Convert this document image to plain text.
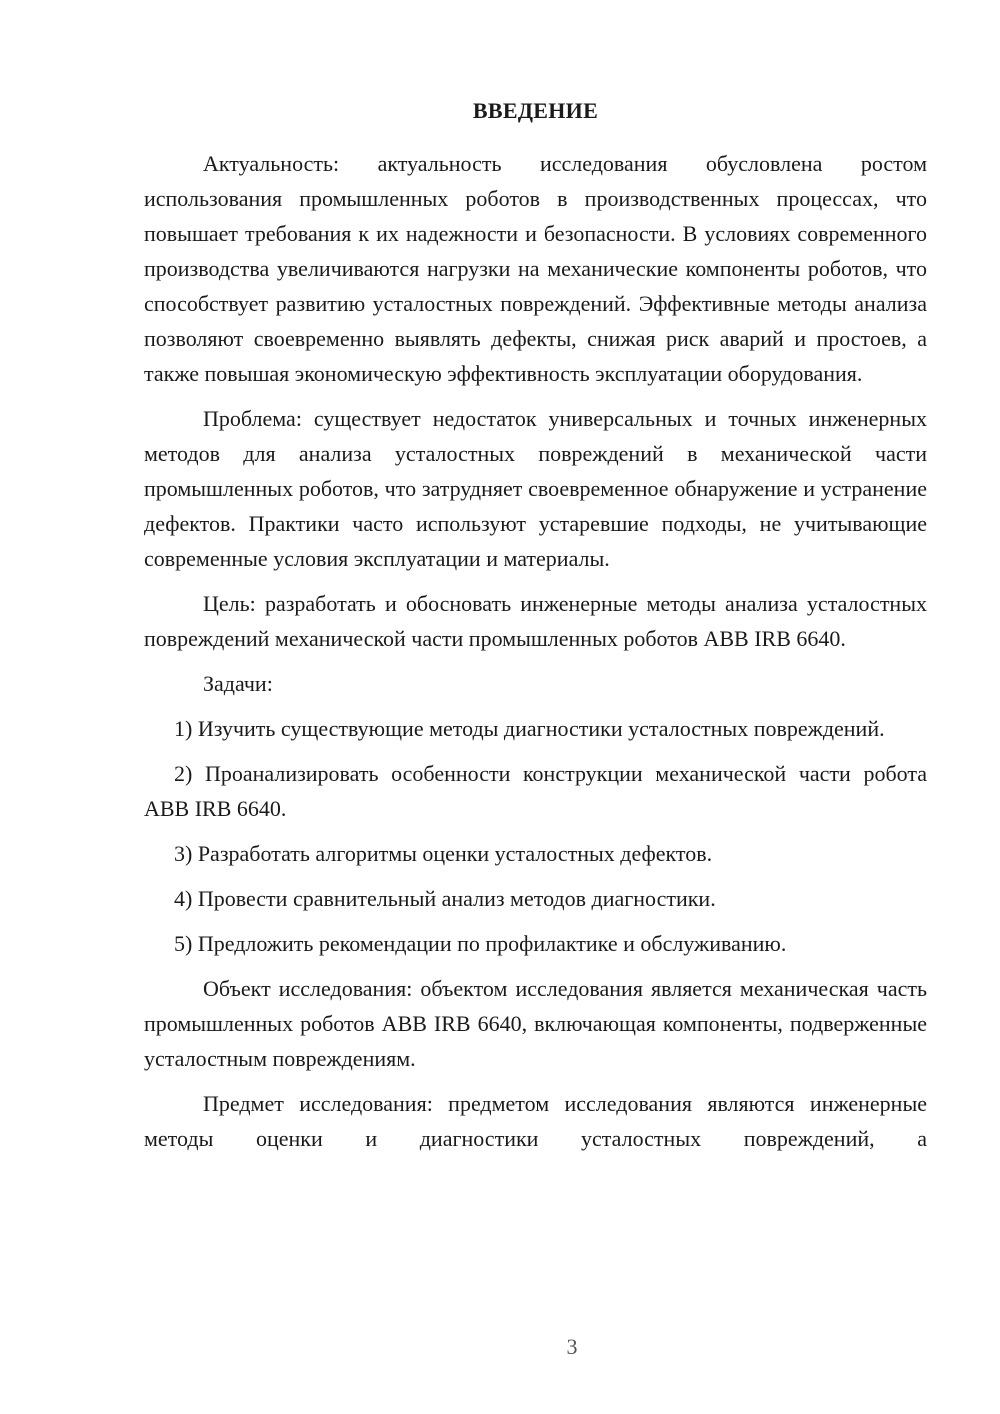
ВВЕДЕНИЕ

Актуальность: актуальность исследования обусловлена ростом использования промышленных роботов в производственных процессах, что повышает требования к их надежности и безопасности. В условиях современного производства увеличиваются нагрузки на механические компоненты роботов, что способствует развитию усталостных повреждений. Эффективные методы анализа позволяют своевременно выявлять дефекты, снижая риск аварий и простоев, а также повышая экономическую эффективность эксплуатации оборудования.

Проблема: существует недостаток универсальных и точных инженерных методов для анализа усталостных повреждений в механической части промышленных роботов, что затрудняет своевременное обнаружение и устранение дефектов. Практики часто используют устаревшие подходы, не учитывающие современные условия эксплуатации и материалы.

Цель: разработать и обосновать инженерные методы анализа усталостных повреждений механической части промышленных роботов ABB IRB 6640.

Задачи:

1) Изучить существующие методы диагностики усталостных повреждений.

2) Проанализировать особенности конструкции механической части робота ABB IRB 6640.

3) Разработать алгоритмы оценки усталостных дефектов.

4) Провести сравнительный анализ методов диагностики.

5) Предложить рекомендации по профилактике и обслуживанию.

Объект исследования: объектом исследования является механическая часть промышленных роботов ABB IRB 6640, включающая компоненты, подверженные усталостным повреждениям.

Предмет исследования: предметом исследования являются инженерные методы оценки и диагностики усталостных повреждений, а

3
